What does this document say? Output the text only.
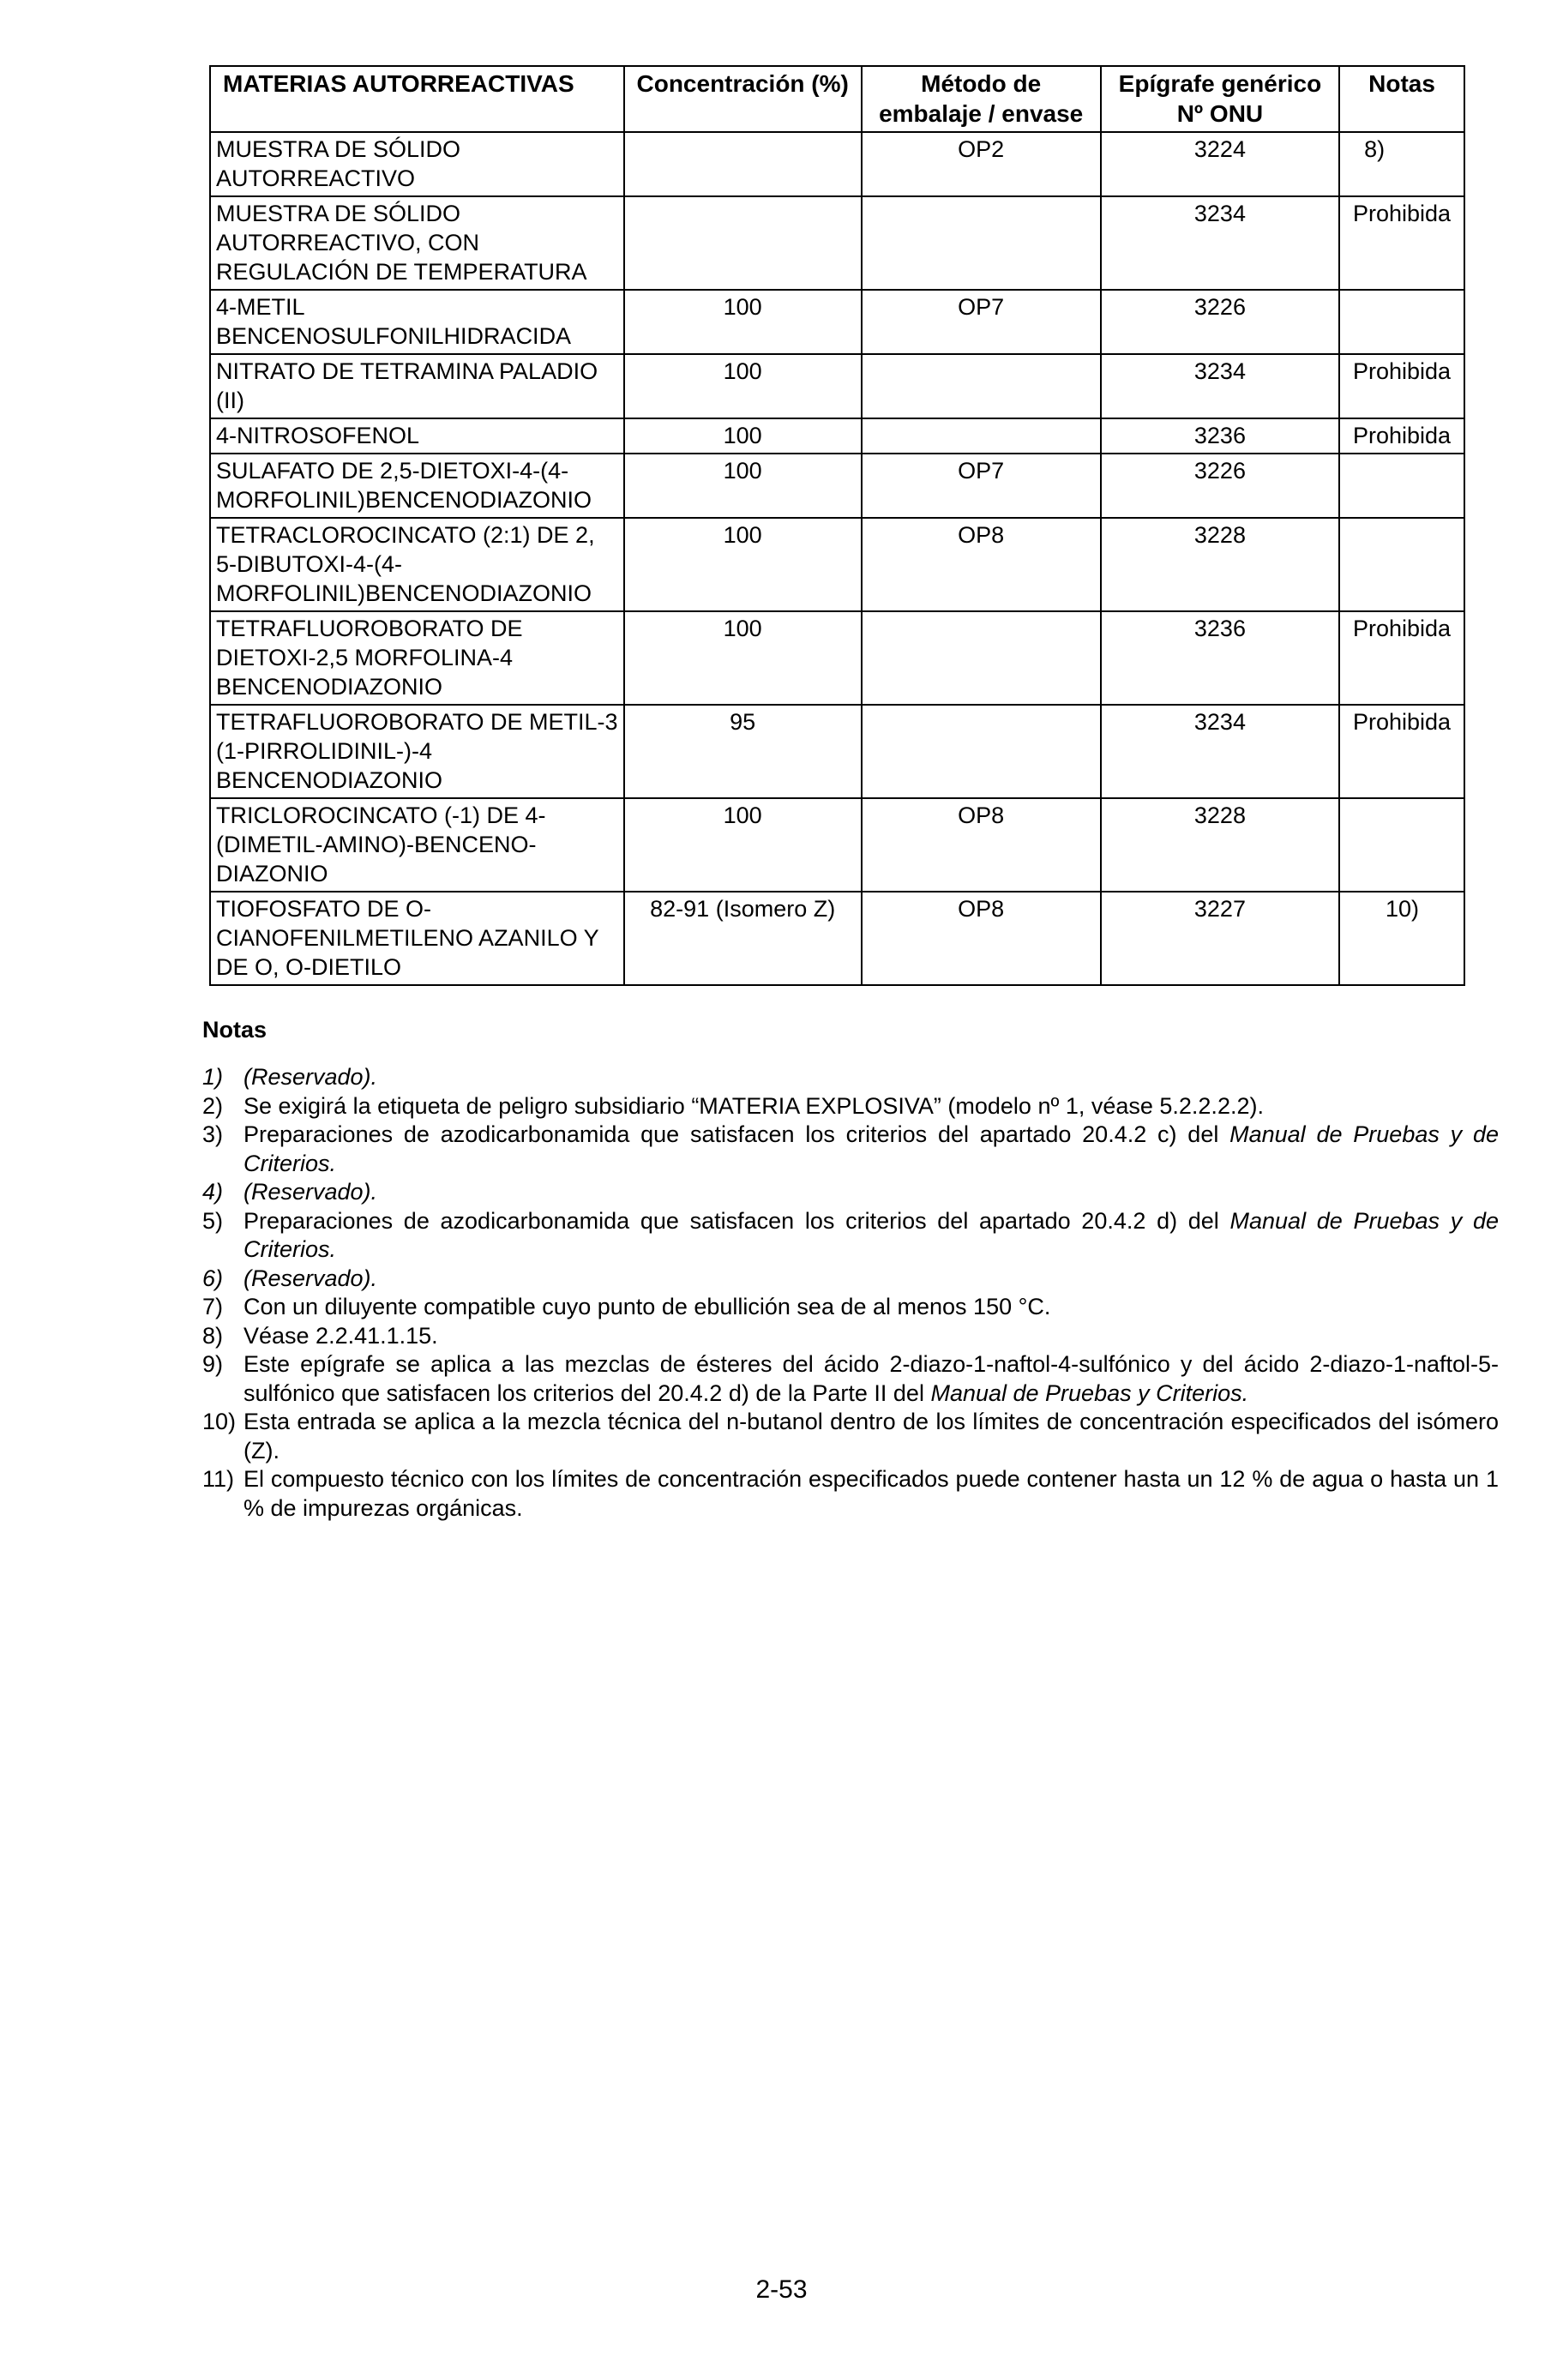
MATERIAS AUTORREACTIVAS	Concentración (%)	Método de embalaje / envase	Epígrafe genérico Nº ONU	Notas
MUESTRA DE SÓLIDO AUTORREACTIVO		OP2	3224	8)
MUESTRA DE SÓLIDO AUTORREACTIVO, CON REGULACIÓN DE TEMPERATURA			3234	Prohibida
4-METIL BENCENOSULFONILHIDRACIDA	100	OP7	3226	
NITRATO DE TETRAMINA PALADIO (II)	100		3234	Prohibida
4-NITROSOFENOL	100		3236	Prohibida
SULAFATO DE 2,5-DIETOXI-4-(4-MORFOLINIL)BENCENODIAZONIO	100	OP7	3226	
TETRACLOROCINCATO (2:1) DE 2, 5-DIBUTOXI-4-(4-MORFOLINIL)BENCENODIAZONIO	100	OP8	3228	
TETRAFLUOROBORATO DE DIETOXI-2,5 MORFOLINA-4 BENCENODIAZONIO	100		3236	Prohibida
TETRAFLUOROBORATO DE METIL-3 (1-PIRROLIDINIL-)-4 BENCENODIAZONIO	95		3234	Prohibida
TRICLOROCINCATO (-1) DE 4-(DIMETIL-AMINO)-BENCENO-DIAZONIO	100	OP8	3228	
TIOFOSFATO DE O-CIANOFENILMETILENO AZANILO Y DE O, O-DIETILO	82-91 (Isomero Z)	OP8	3227	10)
Notas
1) (Reservado).
2) Se exigirá la etiqueta de peligro subsidiario “MATERIA EXPLOSIVA” (modelo nº 1, véase 5.2.2.2.2).
3) Preparaciones de azodicarbonamida que satisfacen los criterios del apartado 20.4.2 c) del Manual de Pruebas y de Criterios.
4) (Reservado).
5) Preparaciones de azodicarbonamida que satisfacen los criterios del apartado 20.4.2 d) del Manual de Pruebas y de Criterios.
6) (Reservado).
7) Con un diluyente compatible cuyo punto de ebullición sea de al menos 150 °C.
8) Véase 2.2.41.1.15.
9) Este epígrafe se aplica a las mezclas de ésteres del ácido 2-diazo-1-naftol-4-sulfónico y del ácido 2-diazo-1-naftol-5-sulfónico que satisfacen los criterios del 20.4.2 d) de la Parte II del Manual de Pruebas y Criterios.
10) Esta entrada se aplica a la mezcla técnica del n-butanol dentro de los límites de concentración especificados del isómero (Z).
11) El compuesto técnico con los límites de concentración especificados puede contener hasta un 12 % de agua o hasta un 1 % de impurezas orgánicas.
2-53
